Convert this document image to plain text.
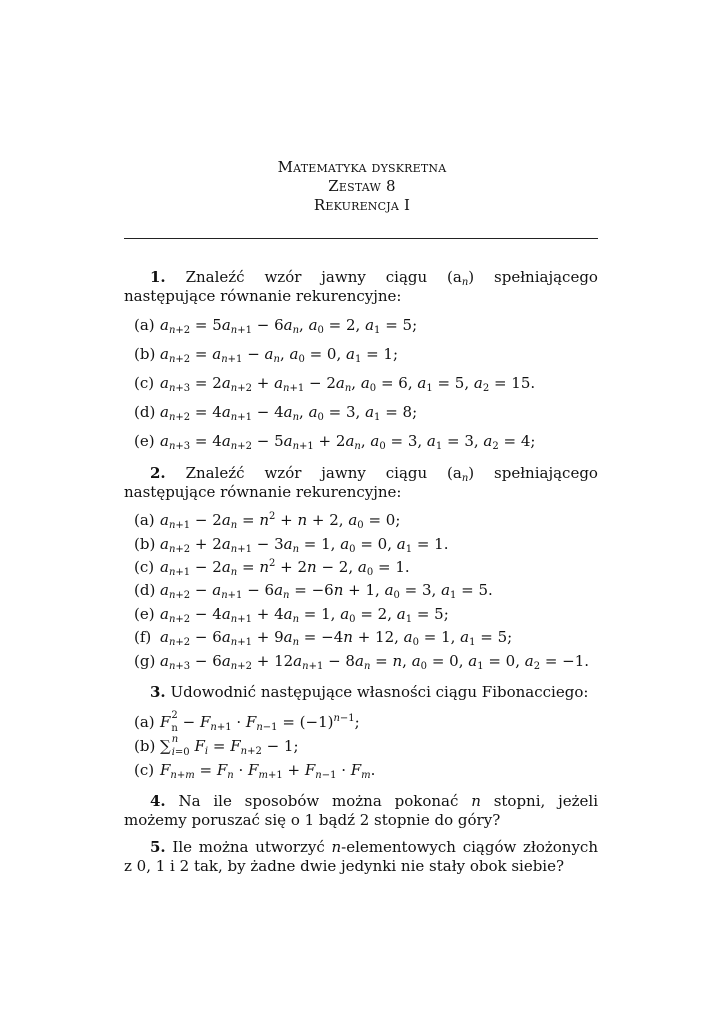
Matematyka dyskretna
Zestaw 8
Rekurencja I
1. Znaleźć wzór jawny ciągu $(a_n)$ spełniającego następujące równanie rekurencyjne:
(a) $a_{n+2} = 5a_{n+1} - 6a_n$, $a_0 = 2$, $a_1 = 5$;
(b) $a_{n+2} = a_{n+1} - a_n$, $a_0 = 0$, $a_1 = 1$;
(c) $a_{n+3} = 2a_{n+2} + a_{n+1} - 2a_n$, $a_0 = 6$, $a_1 = 5$, $a_2 = 15$.
(d) $a_{n+2} = 4a_{n+1} - 4a_n$, $a_0 = 3$, $a_1 = 8$;
(e) $a_{n+3} = 4a_{n+2} - 5a_{n+1} + 2a_n$, $a_0 = 3$, $a_1 = 3$, $a_2 = 4$;
2. Znaleźć wzór jawny ciągu $(a_n)$ spełniającego następujące równanie rekurencyjne:
(a) $a_{n+1} - 2a_n = n^2 + n + 2$, $a_0 = 0$;
(b) $a_{n+2} + 2a_{n+1} - 3a_n = 1$, $a_0 = 0$, $a_1 = 1$.
(c) $a_{n+1} - 2a_n = n^2 + 2n - 2$, $a_0 = 1$.
(d) $a_{n+2} - a_{n+1} - 6a_n = -6n + 1$, $a_0 = 3$, $a_1 = 5$.
(e) $a_{n+2} - 4a_{n+1} + 4a_n = 1$, $a_0 = 2$, $a_1 = 5$;
(f) $a_{n+2} - 6a_{n+1} + 9a_n = -4n + 12$, $a_0 = 1$, $a_1 = 5$;
(g) $a_{n+3} - 6a_{n+2} + 12a_{n+1} - 8a_n = n$, $a_0 = 0$, $a_1 = 0$, $a_2 = -1$.
3. Udowodnić następujące własności ciągu Fibonacciego:
(a) F 2
$n - F_{n+1} \cdot F_{n-1} = (-1)^{n-1}$;
(b) ∑ n
i=0 $F_i = F_{n+2} - 1$;
(c) $F_{n+m} = F_n \cdot F_{m+1} + F_{n-1} \cdot F_m$.
4. Na ile sposobów można pokonać n stopni, jeżeli możemy poruszać się o 1 bądź 2 stopnie do góry?
5. Ile można utworzyć n-elementowych ciągów złożonych z 0, 1 i 2 tak, by żadne dwie jedynki nie stały obok siebie?
